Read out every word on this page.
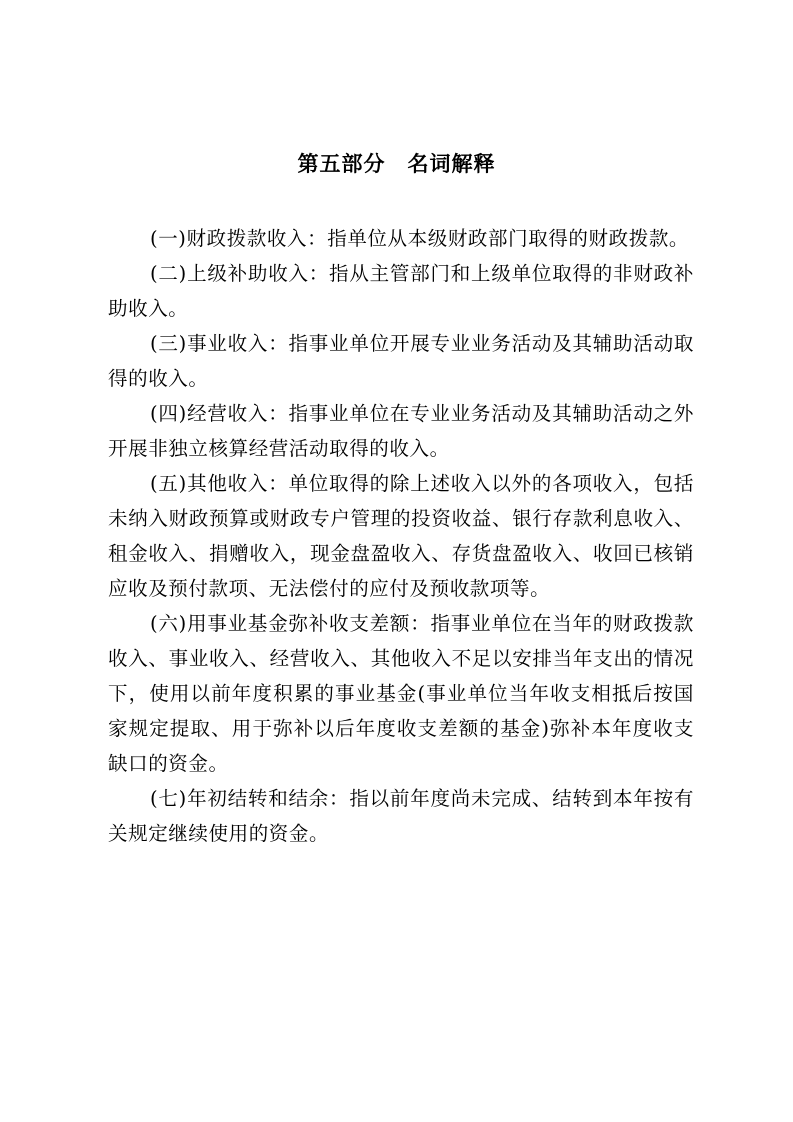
第五部分　名词解释

(一)财政拨款收入：指单位从本级财政部门取得的财政拨款。

(二)上级补助收入：指从主管部门和上级单位取得的非财政补助收入。

(三)事业收入：指事业单位开展专业业务活动及其辅助活动取得的收入。

(四)经营收入：指事业单位在专业业务活动及其辅助活动之外开展非独立核算经营活动取得的收入。

(五)其他收入：单位取得的除上述收入以外的各项收入，包括未纳入财政预算或财政专户管理的投资收益、银行存款利息收入、租金收入、捐赠收入，现金盘盈收入、存货盘盈收入、收回已核销应收及预付款项、无法偿付的应付及预收款项等。

(六)用事业基金弥补收支差额：指事业单位在当年的财政拨款收入、事业收入、经营收入、其他收入不足以安排当年支出的情况下，使用以前年度积累的事业基金(事业单位当年收支相抵后按国家规定提取、用于弥补以后年度收支差额的基金)弥补本年度收支缺口的资金。

(七)年初结转和结余：指以前年度尚未完成、结转到本年按有关规定继续使用的资金。
